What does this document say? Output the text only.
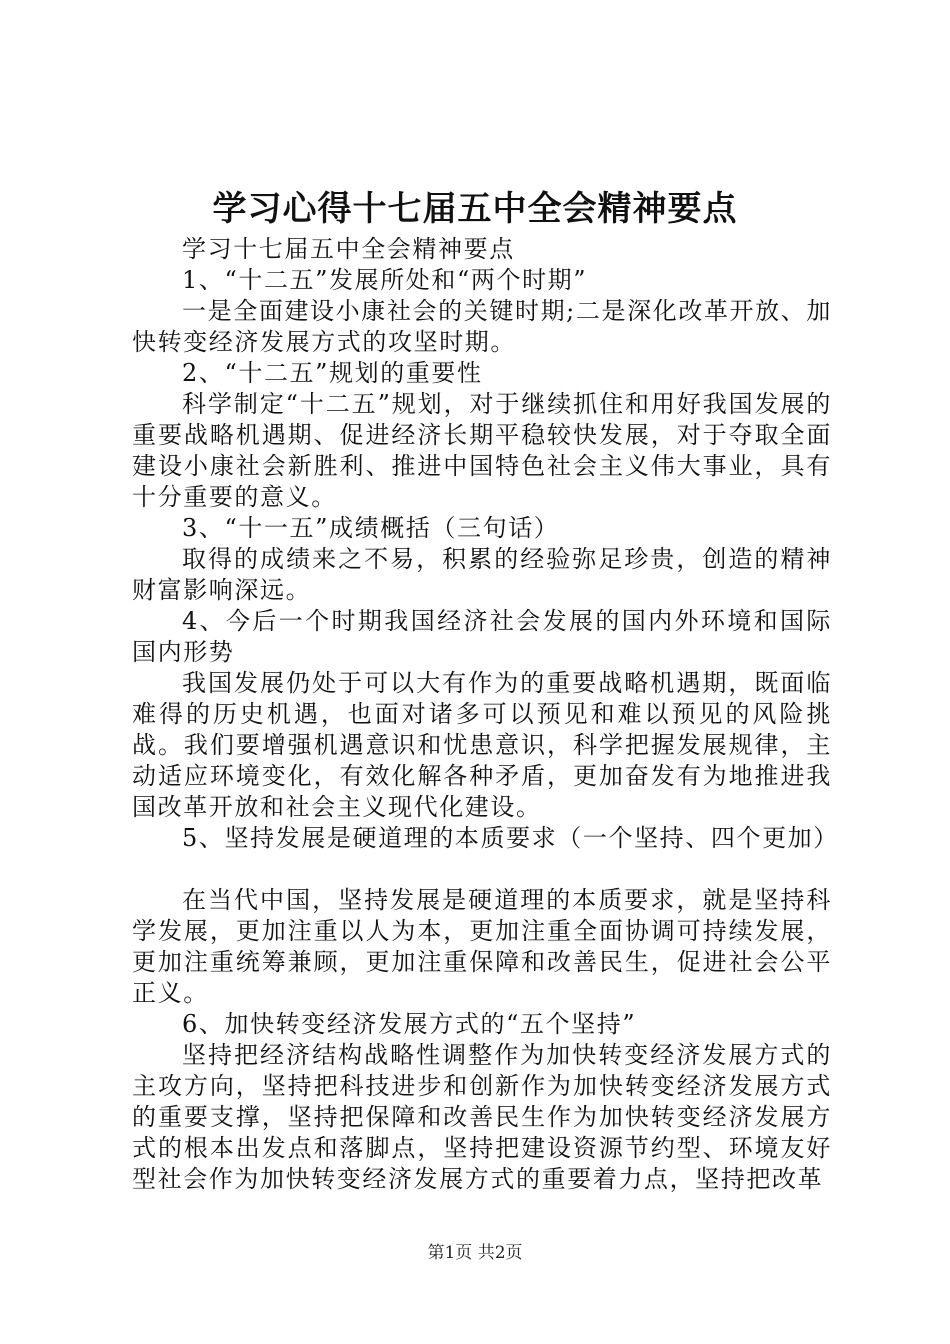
学习心得十七届五中全会精神要点

学习十七届五中全会精神要点

1、“十二五”发展所处和“两个时期”

一是全面建设小康社会的关键时期;二是深化改革开放、加快转变经济发展方式的攻坚时期。

2、“十二五”规划的重要性

科学制定“十二五”规划，对于继续抓住和用好我国发展的重要战略机遇期、促进经济长期平稳较快发展，对于夺取全面建设小康社会新胜利、推进中国特色社会主义伟大事业，具有十分重要的意义。

3、“十一五”成绩概括（三句话）

取得的成绩来之不易，积累的经验弥足珍贵，创造的精神财富影响深远。

4、今后一个时期我国经济社会发展的国内外环境和国际国内形势

我国发展仍处于可以大有作为的重要战略机遇期，既面临难得的历史机遇，也面对诸多可以预见和难以预见的风险挑战。我们要增强机遇意识和忧患意识，科学把握发展规律，主动适应环境变化，有效化解各种矛盾，更加奋发有为地推进我国改革开放和社会主义现代化建设。

5、坚持发展是硬道理的本质要求（一个坚持、四个更加）

在当代中国，坚持发展是硬道理的本质要求，就是坚持科学发展，更加注重以人为本，更加注重全面协调可持续发展，更加注重统筹兼顾，更加注重保障和改善民生，促进社会公平正义。

6、加快转变经济发展方式的“五个坚持”

坚持把经济结构战略性调整作为加快转变经济发展方式的主攻方向，坚持把科技进步和创新作为加快转变经济发展方式的重要支撑，坚持把保障和改善民生作为加快转变经济发展方式的根本出发点和落脚点，坚持把建设资源节约型、环境友好型社会作为加快转变经济发展方式的重要着力点，坚持把改革

第1页 共2页
